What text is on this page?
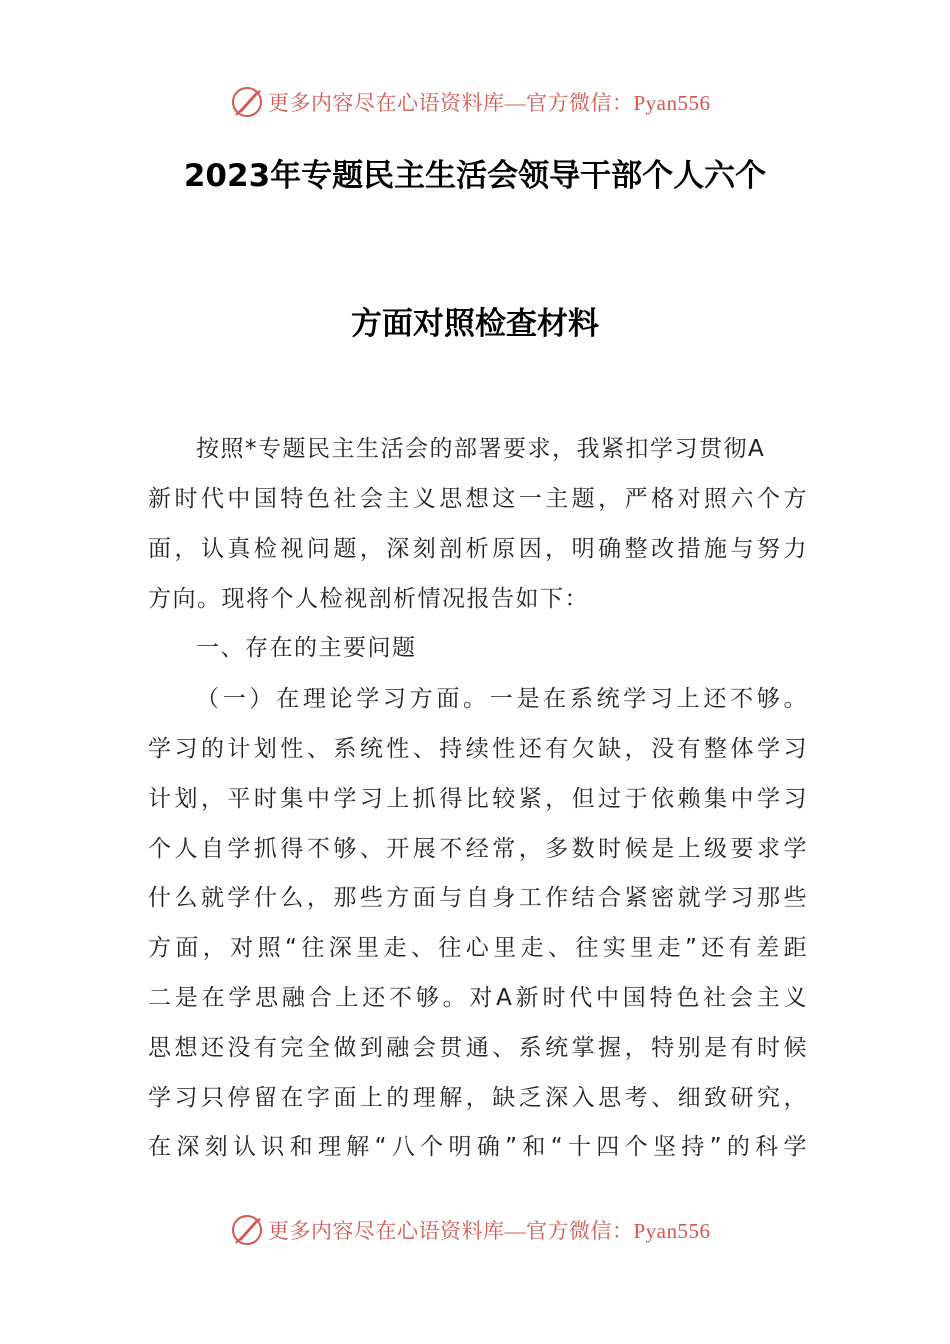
更多内容尽在心语资料库—官方微信：Pyan556
2023年专题民主生活会领导干部个人六个
方面对照检查材料
按照*专题民主生活会的部署要求，我紧扣学习贯彻A
新时代中国特色社会主义思想这一主题，严格对照六个方
面，认真检视问题，深刻剖析原因，明确整改措施与努力
方向。现将个人检视剖析情况报告如下：
一、存在的主要问题
（一）在理论学习方面。一是在系统学习上还不够。
学习的计划性、系统性、持续性还有欠缺，没有整体学习
计划，平时集中学习上抓得比较紧，但过于依赖集中学习
个人自学抓得不够、开展不经常，多数时候是上级要求学
什么就学什么，那些方面与自身工作结合紧密就学习那些
方面，对照“往深里走、往心里走、往实里走”还有差距
二是在学思融合上还不够。对A新时代中国特色社会主义
思想还没有完全做到融会贯通、系统掌握，特别是有时候
学习只停留在字面上的理解，缺乏深入思考、细致研究，
在深刻认识和理解“八个明确”和“十四个坚持”的科学
更多内容尽在心语资料库—官方微信：Pyan556
